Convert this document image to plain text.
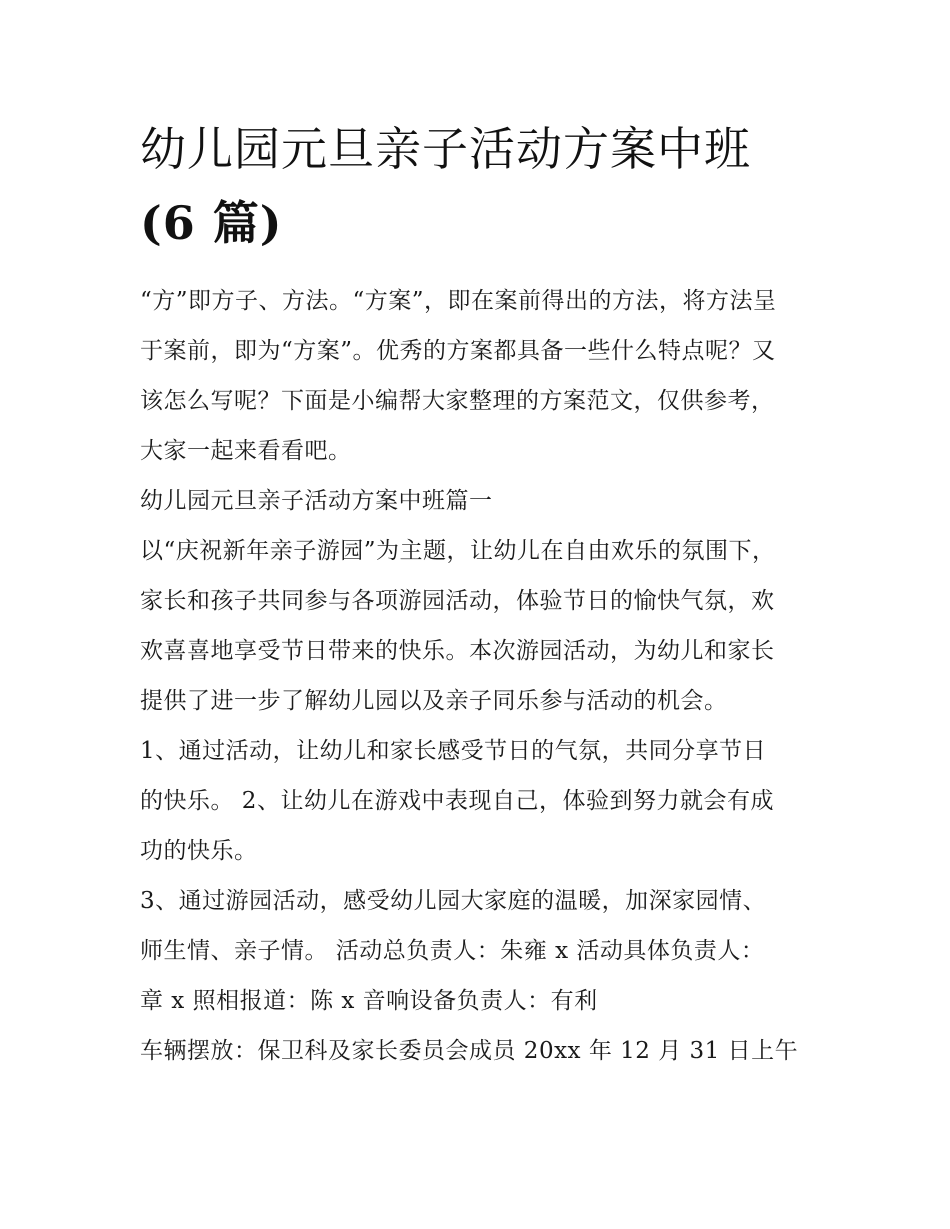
幼儿园元旦亲子活动方案中班
(6 篇)

“方”即方子、方法。“方案”，即在案前得出的方法，将方法呈
于案前，即为“方案”。优秀的方案都具备一些什么特点呢？又
该怎么写呢？下面是小编帮大家整理的方案范文，仅供参考，
大家一起来看看吧。

幼儿园元旦亲子活动方案中班篇一

以“庆祝新年亲子游园”为主题，让幼儿在自由欢乐的氛围下，
家长和孩子共同参与各项游园活动，体验节日的愉快气氛，欢
欢喜喜地享受节日带来的快乐。本次游园活动，为幼儿和家长
提供了进一步了解幼儿园以及亲子同乐参与活动的机会。

1、通过活动，让幼儿和家长感受节日的气氛，共同分享节日
的快乐。 2、让幼儿在游戏中表现自己，体验到努力就会有成
功的快乐。

3、通过游园活动，感受幼儿园大家庭的温暖，加深家园情、
师生情、亲子情。 活动总负责人：朱雍 x 活动具体负责人：
章 x 照相报道：陈 x 音响设备负责人：有利

车辆摆放：保卫科及家长委员会成员 20xx 年 12 月 31 日上午
